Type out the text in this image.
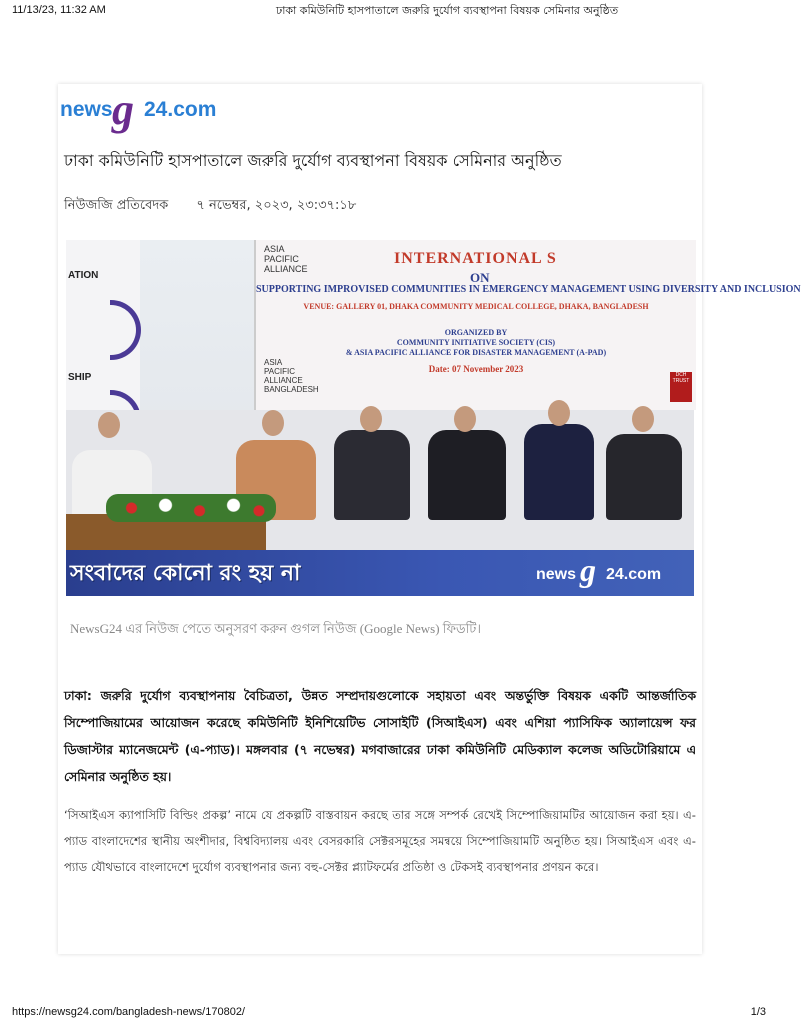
11/13/23, 11:32 AM	ঢাকা কমিউনিটি হাসপাতালে জরুরি দুর্যোগ ব্যবস্থাপনা বিষয়ক সেমিনার অনুষ্ঠিত
news g 24.com
ঢাকা কমিউনিটি হাসপাতালে জরুরি দুর্যোগ ব্যবস্থাপনা বিষয়ক সেমিনার অনুষ্ঠিত
নিউজজি প্রতিবেদক ৭ নভেম্বর, ২০২৩, ২৩:৩৭:১৮
ATION
SHIP
ASIA PACIFIC ALLIANCE
INTERNATIONAL S
ON
SUPPORTING IMPROVISED COMMUNITIES IN EMERGENCY MANAGEMENT USING DIVERSITY AND INCLUSION
VENUE: GALLERY 01, DHAKA COMMUNITY MEDICAL COLLEGE, DHAKA, BANGLADESH
ORGANIZED BY
COMMUNITY INITIATIVE SOCIETY (CIS)
& ASIA PACIFIC ALLIANCE FOR DISASTER MANAGEMENT (A-PAD)
Date: 07 November 2023
ASIA PACIFIC ALLIANCE BANGLADESH
DCH TRUST
সংবাদের কোনো রং হয় না	news g 24.com
NewsG24 এর নিউজ পেতে অনুসরণ করুন গুগল নিউজ (Google News) ফিডটি।
ঢাকা: জরুরি দুর্যোগ ব্যবস্থাপনায় বৈচিত্রতা, উন্নত সম্প্রদায়গুলোকে সহায়তা এবং অন্তর্ভুক্তি বিষয়ক একটি আন্তর্জাতিক সিম্পোজিয়ামের আয়োজন করেছে কমিউনিটি ইনিশিয়েটিভ সোসাইটি (সিআইএস) এবং এশিয়া প্যাসিফিক অ্যালায়েন্স ফর ডিজাস্টার ম্যানেজমেন্ট (এ-প্যাড)। মঙ্গলবার (৭ নভেম্বর) মগবাজারের ঢাকা কমিউনিটি মেডিক্যাল কলেজ অডিটোরিয়ামে এ সেমিনার অনুষ্ঠিত হয়।
‘সিআইএস ক্যাপাসিটি বিল্ডিং প্রকল্প’ নামে যে প্রকল্পটি বাস্তবায়ন করছে তার সঙ্গে সম্পর্ক রেখেই সিম্পোজিয়ামটির আয়োজন করা হয়। এ-প্যাড বাংলাদেশের স্থানীয় অংশীদার, বিশ্ববিদ্যালয় এবং বেসরকারি সেক্টরসমূহের সমন্বয়ে সিম্পোজিয়ামটি অনুষ্ঠিত হয়। সিআইএস এবং এ-প্যাড যৌথভাবে বাংলাদেশে দুর্যোগ ব্যবস্থাপনার জন্য বহু-সেক্টর প্ল্যাটফর্মের প্রতিষ্ঠা ও টেকসই ব্যবস্থাপনার প্রণয়ন করে।
https://newsg24.com/bangladesh-news/170802/	1/3
